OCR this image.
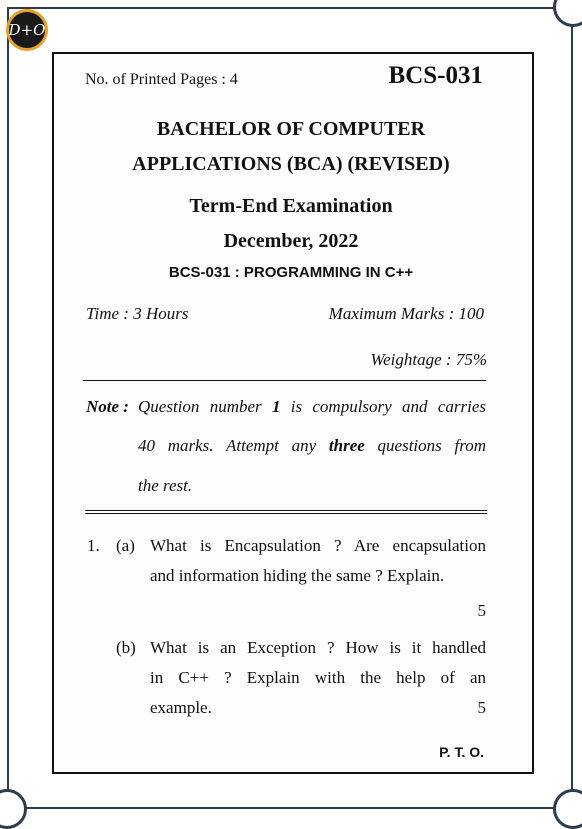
D+O
No. of Printed Pages : 4	BCS-031
BACHELOR OF COMPUTER
APPLICATIONS (BCA) (REVISED)
Term-End Examination
December, 2022
BCS-031 : PROGRAMMING IN C++
Time : 3 Hours	Maximum Marks : 100
Weightage : 75%
Note : Question number 1 is compulsory and carries
40 marks. Attempt any three questions from
the rest.
1. (a) What is Encapsulation ? Are encapsulation
and information hiding the same ? Explain.
5
(b) What is an Exception ? How is it handled
in C++ ? Explain with the help of an
example.	5
P. T. O.
